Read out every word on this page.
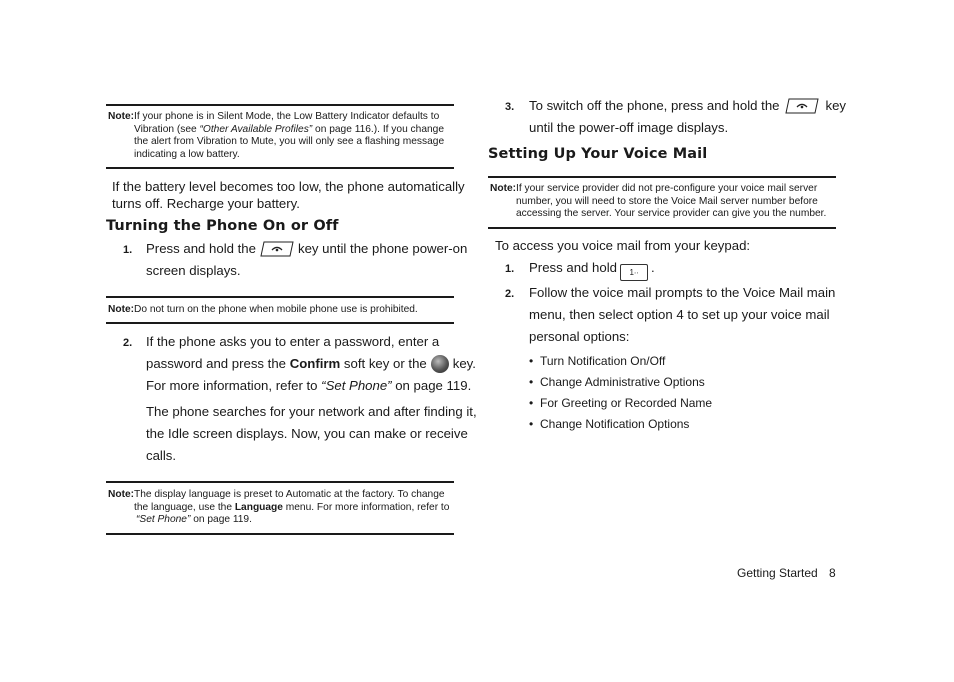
Note: If your phone is in Silent Mode, the Low Battery Indicator defaults to
Vibration (see “Other Available Profiles” on page 116.). If you change
the alert from Vibration to Mute, you will only see a flashing message
indicating a low battery.
If the battery level becomes too low, the phone automatically
turns off. Recharge your battery.
Turning the Phone On or Off
1. Press and hold the	key until the phone power-on
screen displays.
Note: Do not turn on the phone when mobile phone use is prohibited.
2. If the phone asks you to enter a password, enter a
password and press the Confirm soft key or the key.
For more information, refer to “Set Phone” on page 119.
The phone searches for your network and after finding it,
the Idle screen displays. Now, you can make or receive
calls.
Note: The display language is preset to Automatic at the factory. To change
the language, use the Language menu. For more information, refer to
“Set Phone” on page 119.
3. To switch off the phone, press and hold the	key
until the power-off image displays.
Setting Up Your Voice Mail
Note: If your service provider did not pre-configure your voice mail server
number, you will need to store the Voice Mail server number before
accessing the server. Your service provider can give you the number.
To access you voice mail from your keypad:
1. Press and hold 1∙∙ .
2. Follow the voice mail prompts to the Voice Mail main
menu, then select option 4 to set up your voice mail
personal options:
• Turn Notification On/Off
• Change Administrative Options
• For Greeting or Recorded Name
• Change Notification Options
Getting Started 8
